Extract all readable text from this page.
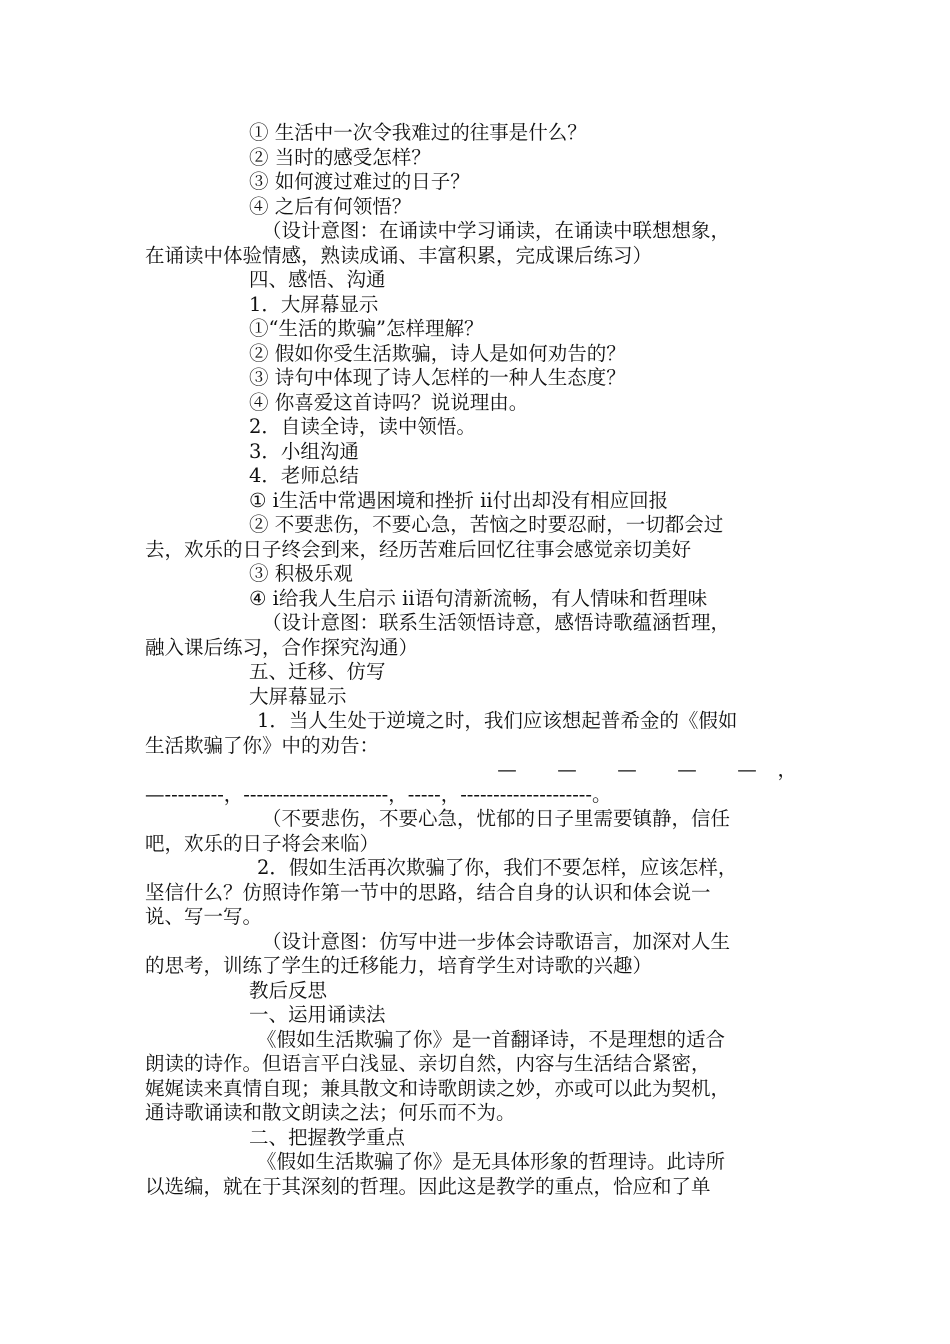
① 生活中一次令我难过的往事是什么？
② 当时的感受怎样？
③ 如何渡过难过的日子？
④ 之后有何领悟？
（设计意图：在诵读中学习诵读，在诵读中联想想象，
在诵读中体验情感，熟读成诵、丰富积累，完成课后练习）
四、感悟、沟通
1．大屏幕显示
①“生活的欺骗”怎样理解？
② 假如你受生活欺骗，诗人是如何劝告的？
③ 诗句中体现了诗人怎样的一种人生态度？
④ 你喜爱这首诗吗？说说理由。
2．自读全诗，读中领悟。
3．小组沟通
4．老师总结
① ⅰ生活中常遇困境和挫折 ⅱ付出却没有相应回报
② 不要悲伤，不要心急，苦恼之时要忍耐，一切都会过
去，欢乐的日子终会到来，经历苦难后回忆往事会感觉亲切美好
③ 积极乐观
④ ⅰ给我人生启示 ⅱ语句清新流畅，有人情味和哲理味
（设计意图：联系生活领悟诗意，感悟诗歌蕴涵哲理，
融入课后练习，合作探究沟通）
五、迁移、仿写
大屏幕显示
1．当人生处于逆境之时，我们应该想起普希金的《假如
生活欺骗了你》中的劝告：
—	—	—	—	—	，
—---------，----------------------，-----，--------------------。
（不要悲伤，不要心急，忧郁的日子里需要镇静，信任
吧，欢乐的日子将会来临）
2．假如生活再次欺骗了你，我们不要怎样，应该怎样，
坚信什么？仿照诗作第一节中的思路，结合自身的认识和体会说一
说、写一写。
（设计意图：仿写中进一步体会诗歌语言，加深对人生
的思考，训练了学生的迁移能力，培育学生对诗歌的兴趣）
教后反思
一、运用诵读法
《假如生活欺骗了你》是一首翻译诗，不是理想的适合
朗读的诗作。但语言平白浅显、亲切自然，内容与生活结合紧密，
娓娓读来真情自现；兼具散文和诗歌朗读之妙，亦或可以此为契机，
通诗歌诵读和散文朗读之法；何乐而不为。
二、把握教学重点
《假如生活欺骗了你》是无具体形象的哲理诗。此诗所
以选编，就在于其深刻的哲理。因此这是教学的重点，恰应和了单
